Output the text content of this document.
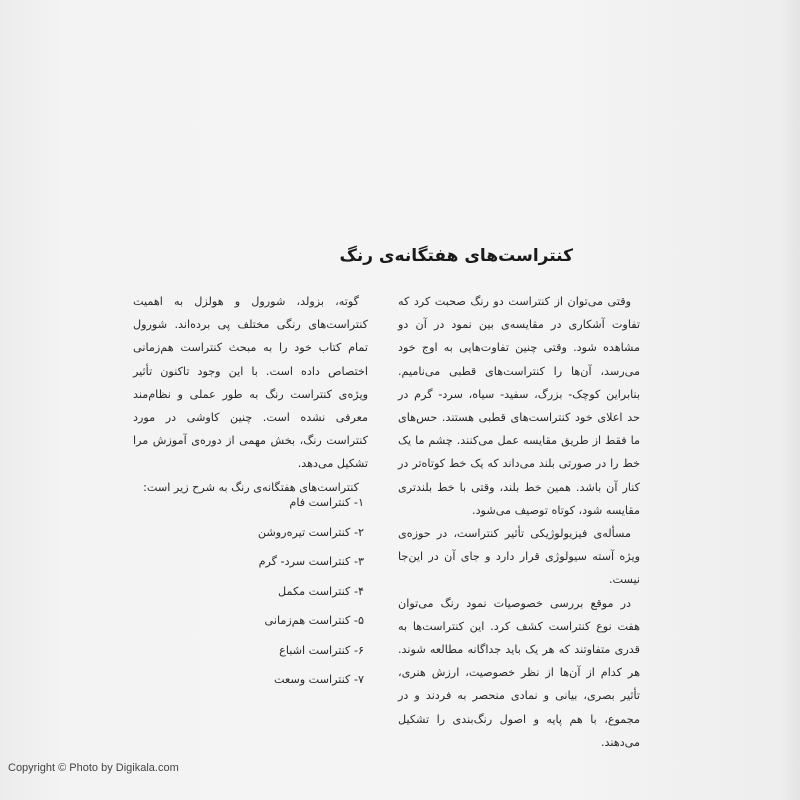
کنتراست‌های هفتگانه‌ی رنگ

وقتی می‌توان از کنتراست دو رنگ صحبت کرد که تفاوت آشکاری در مقایسه‌ی بین نمود در آن دو مشاهده شود. وقتی چنین تفاوت‌هایی به اوج خود می‌رسد، آن‌ها را کنتراست‌های قطبی می‌نامیم. بنابراین کوچک- بزرگ، سفید- سیاه، سرد- گرم در حد اعلای خود کنتراست‌های قطبی هستند. حس‌های ما فقط از طریق مقایسه عمل می‌کنند. چشم ما یک خط را در صورتی بلند می‌داند که یک خط کوتاه‌تر در کنار آن باشد. همین خط بلند، وقتی با خط بلندتری مقایسه شود، کوتاه توصیف می‌شود.

مسأله‌ی فیزیولوژیکی تأثیر کنتراست، در حوزه‌ی ویژه آسته سیولوژی قرار دارد و جای آن در این‌جا نیست.

در موقع بررسی خصوصیات نمود رنگ می‌توان هفت نوع کنتراست کشف کرد. این کنتراست‌ها به قدری متفاوتند که هر یک باید جداگانه مطالعه شوند. هر کدام از آن‌ها از نظر خصوصیت، ارزش هنری، تأثیر بصری، بیانی و نمادی منحصر به فردند و در مجموع، با هم پایه و اصول رنگ‌بندی را تشکیل می‌دهند.

گوته، بزولد، شورول و هولزل به اهمیت کنتراست‌های رنگی مختلف پی برده‌اند. شورول تمام کتاب خود را به مبحث کنتراست هم‌زمانی اختصاص داده است. با این وجود تاکنون تأثیر ویژه‌ی کنتراست رنگ به طور عملی و نظام‌مند معرفی نشده است. چنین کاوشی در مورد کنتراست رنگ، بخش مهمی از دوره‌ی آموزش مرا تشکیل می‌دهد.

کنتراست‌های هفتگانه‌ی رنگ به شرح زیر است:

۱- کنتراست فام
۲- کنتراست تیره‌روشن
۳- کنتراست سرد- گرم
۴- کنتراست مکمل
۵- کنتراست هم‌زمانی
۶- کنتراست اشباع
۷- کنتراست وسعت
Copyright © Photo by Digikala.com
